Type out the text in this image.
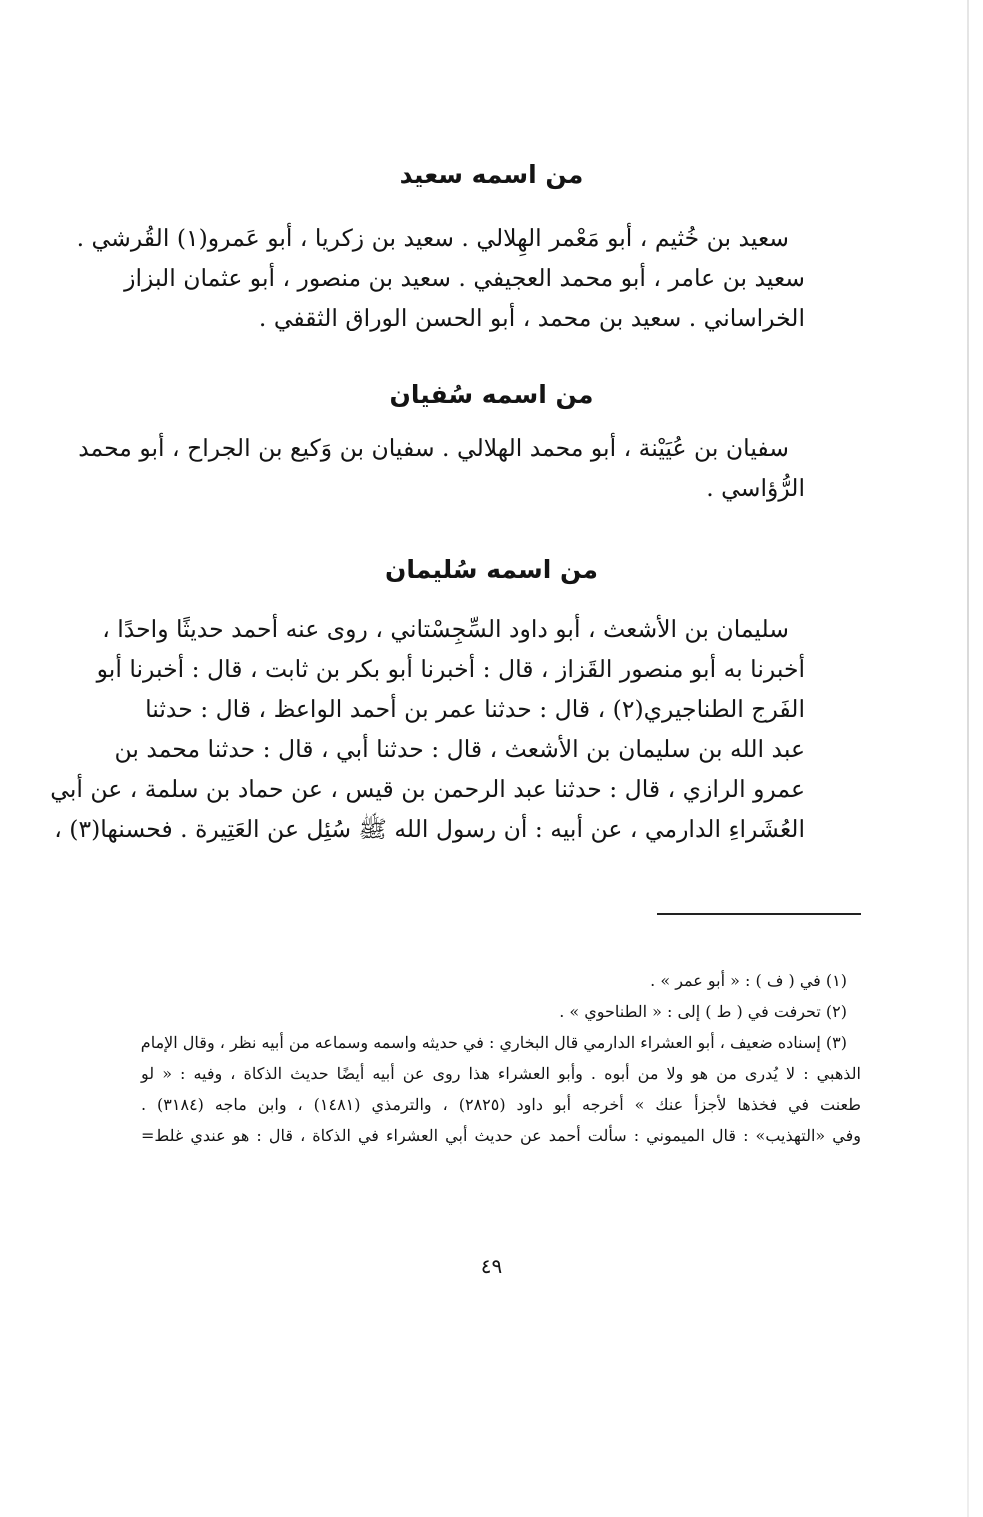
من اسمه سعيد
سعيد بن خُثيم ، أبو مَعْمر الهِلالي . سعيد بن زكريا ، أبو عَمرو(١) القُرشي .
سعيد بن عامر ، أبو محمد العجيفي . سعيد بن منصور ، أبو عثمان البزاز
الخراساني . سعيد بن محمد ، أبو الحسن الوراق الثقفي .
من اسمه سُفيان
سفيان بن عُيَيْنة ، أبو محمد الهلالي . سفيان بن وَكيع بن الجراح ، أبو محمد
الرُّؤاسي .
من اسمه سُليمان
سليمان بن الأشعث ، أبو داود السِّجِسْتاني ، روى عنه أحمد حديثًا واحدًا ،
أخبرنا به أبو منصور القَزاز ، قال : أخبرنا أبو بكر بن ثابت ، قال : أخبرنا أبو
الفَرج الطناجيري(٢) ، قال : حدثنا عمر بن أحمد الواعظ ، قال : حدثنا
عبد الله بن سليمان بن الأشعث ، قال : حدثنا أبي ، قال : حدثنا محمد بن
عمرو الرازي ، قال : حدثنا عبد الرحمن بن قيس ، عن حماد بن سلمة ، عن أبي
العُشَراءِ الدارمي ، عن أبيه : أن رسول الله ﷺ سُئِل عن العَتِيرة . فحسنها(٣) ،
(١) في ( ف ) : « أبو عمر » .
(٢) تحرفت في ( ط ) إلى : « الطناحوي » .
(٣) إسناده ضعيف ، أبو العشراء الدارمي قال البخاري : في حديثه واسمه وسماعه من أبيه نظر ، وقال الإمام
الذهبي : لا يُدرى من هو ولا من أبوه . وأبو العشراء هذا روى عن أبيه أيضًا حديث الذكاة ، وفيه : « لو
طعنت في فخذها لأجزأ عنك » أخرجه أبو داود (٢٨٢٥) ، والترمذي (١٤٨١) ، وابن ماجه (٣١٨٤) .
وفي «التهذيب» : قال الميموني : سألت أحمد عن حديث أبي العشراء في الذكاة ، قال : هو عندي غلط=

٤٩
